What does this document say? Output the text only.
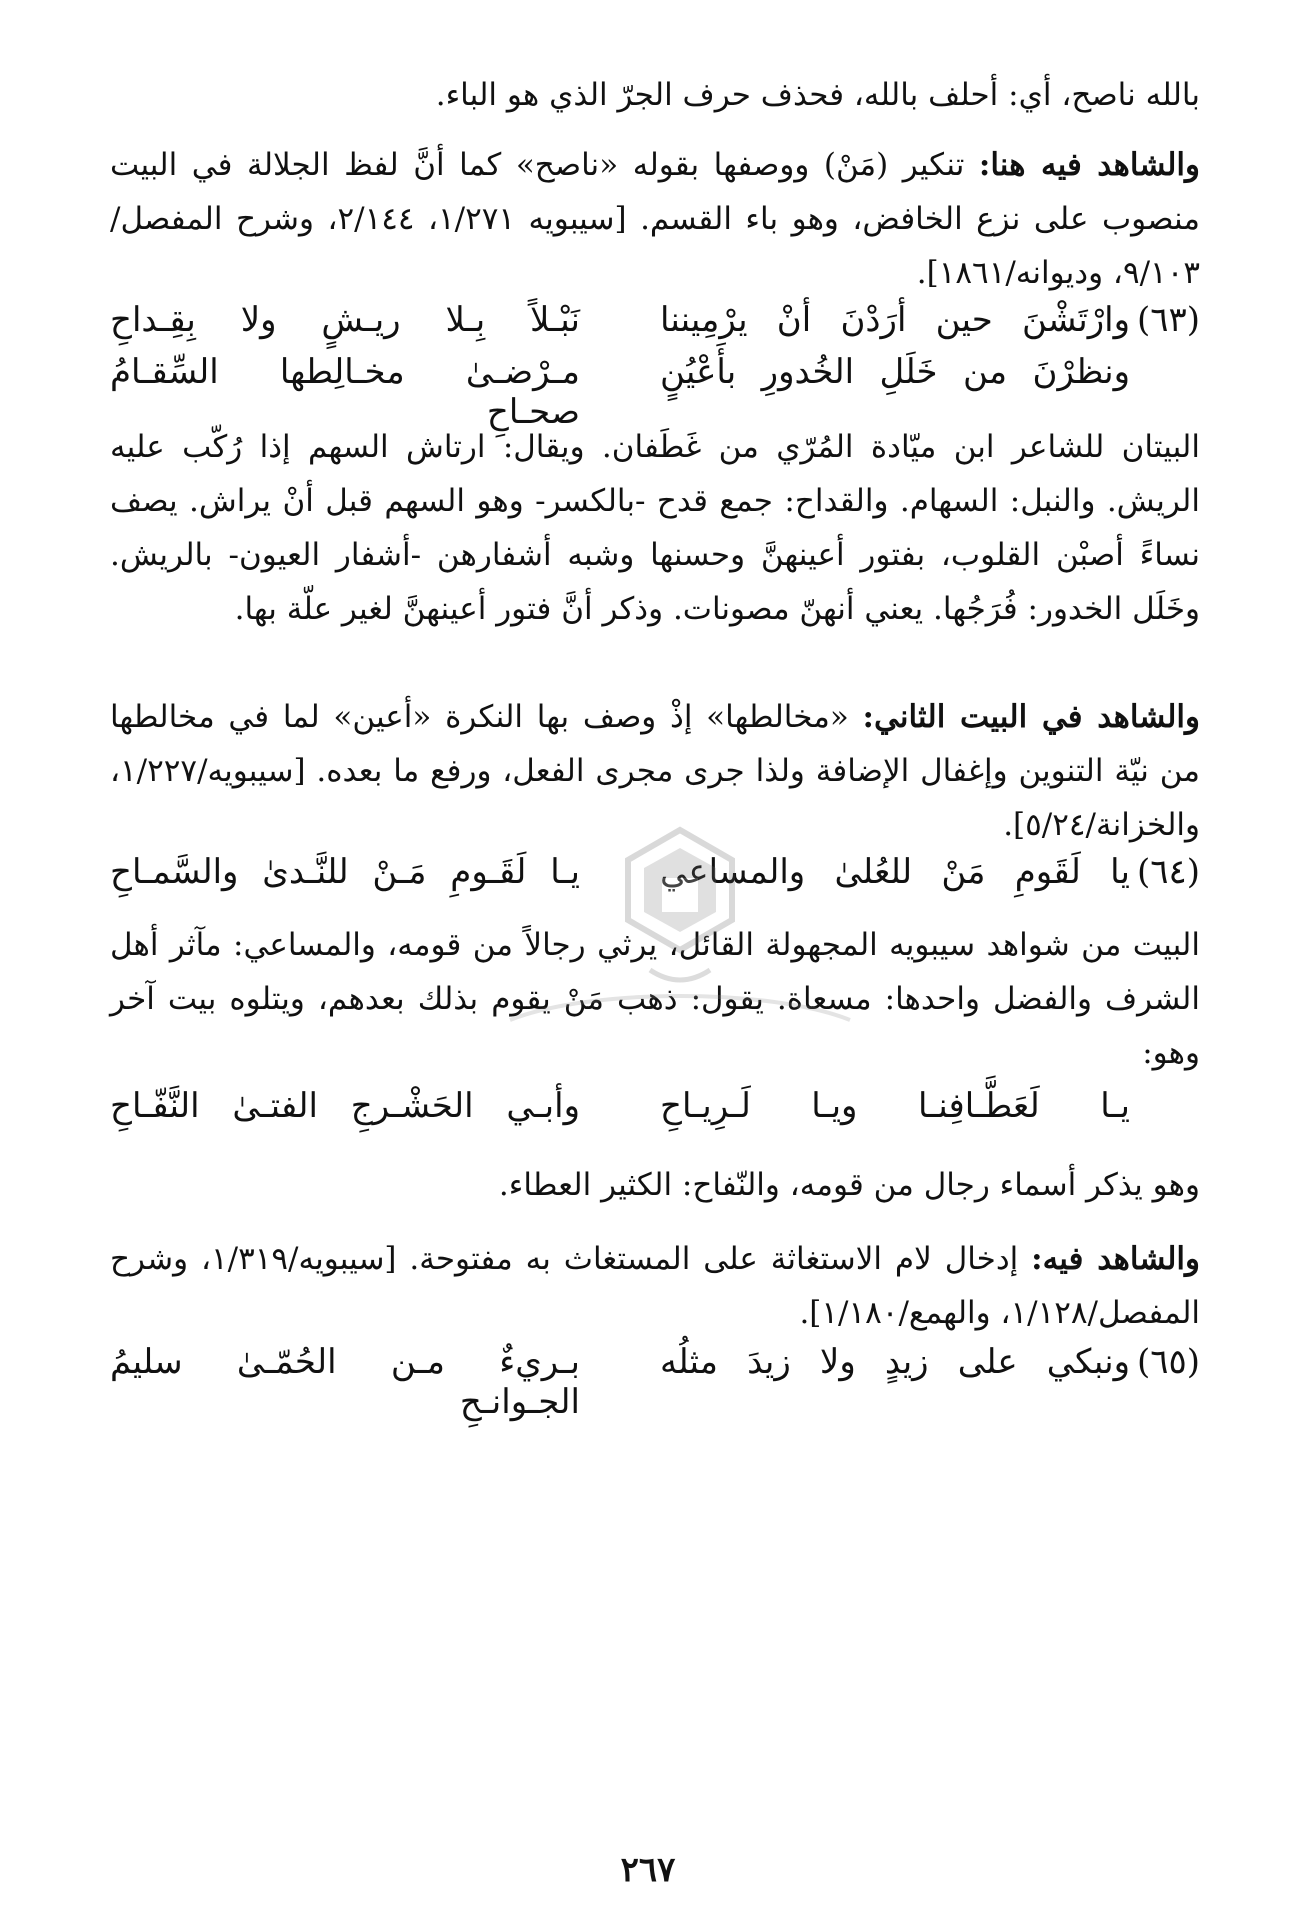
بالله ناصح، أي: أحلف بالله، فحذف حرف الجرّ الذي هو الباء.

والشاهد فيه هنا: تنكير (مَنْ) ووصفها بقوله «ناصح» كما أنَّ لفظ الجلالة في البيت منصوب على نزع الخافض، وهو باء القسم. [سيبويه ١/٢٧١، ٢/١٤٤، وشرح المفصل/٩/١٠٣، وديوانه/١٨٦١].

(٦٣)
وارْتَشْنَ حين أرَدْنَ أنْ يرْمِيننا
نَبْـلاً بِـلا ريـشٍ ولا بِقِـداحِ
ونظرْنَ من خَلَلِ الخُدورِ بأَعْيُنٍ
مـرْضـىٰ مخـالِطها السِّقـامُ صحـاحِ

البيتان للشاعر ابن ميّادة المُرّي من غَطَفان. ويقال: ارتاش السهم إذا رُكّب عليه الريش. والنبل: السهام. والقداح: جمع قدح -بالكسر- وهو السهم قبل أنْ يراش. يصف نساءً أصبْن القلوب، بفتور أعينهنَّ وحسنها وشبه أشفارهن -أشفار العيون- بالريش. وخَلَل الخدور: فُرَجُها. يعني أنهنّ مصونات. وذكر أنَّ فتور أعينهنَّ لغير علّة بها.

والشاهد في البيت الثاني: «مخالطها» إذْ وصف بها النكرة «أعين» لما في مخالطها من نيّة التنوين وإغفال الإضافة ولذا جرى مجرى الفعل، ورفع ما بعده. [سيبويه/١/٢٢٧، والخزانة/٥/٢٤].

(٦٤)
يا لَقَومِ مَنْ للعُلىٰ والمساعي
يـا لَقَـومِ مَـنْ للنَّـدىٰ والسَّمـاحِ

البيت من شواهد سيبويه المجهولة القائل، يرثي رجالاً من قومه، والمساعي: مآثر أهل الشرف والفضل واحدها: مسعاة. يقول: ذهب مَنْ يقوم بذلك بعدهم، ويتلوه بيت آخر وهو:

يـا لَعَطَّـافِنـا ويـا لَـرِيـاحِ
وأبـي الحَشْـرجِ الفتـىٰ النَّفّـاحِ

وهو يذكر أسماء رجال من قومه، والنّفاح: الكثير العطاء.

والشاهد فيه: إدخال لام الاستغاثة على المستغاث به مفتوحة. [سيبويه/١/٣١٩، وشرح المفصل/١/١٢٨، والهمع/١/١٨٠].

(٦٥)
ونبكي على زيدٍ ولا زيدَ مثلُه
بـريءٌ مـن الحُمّـىٰ سليمُ الجـوانـحِ
٢٦٧
